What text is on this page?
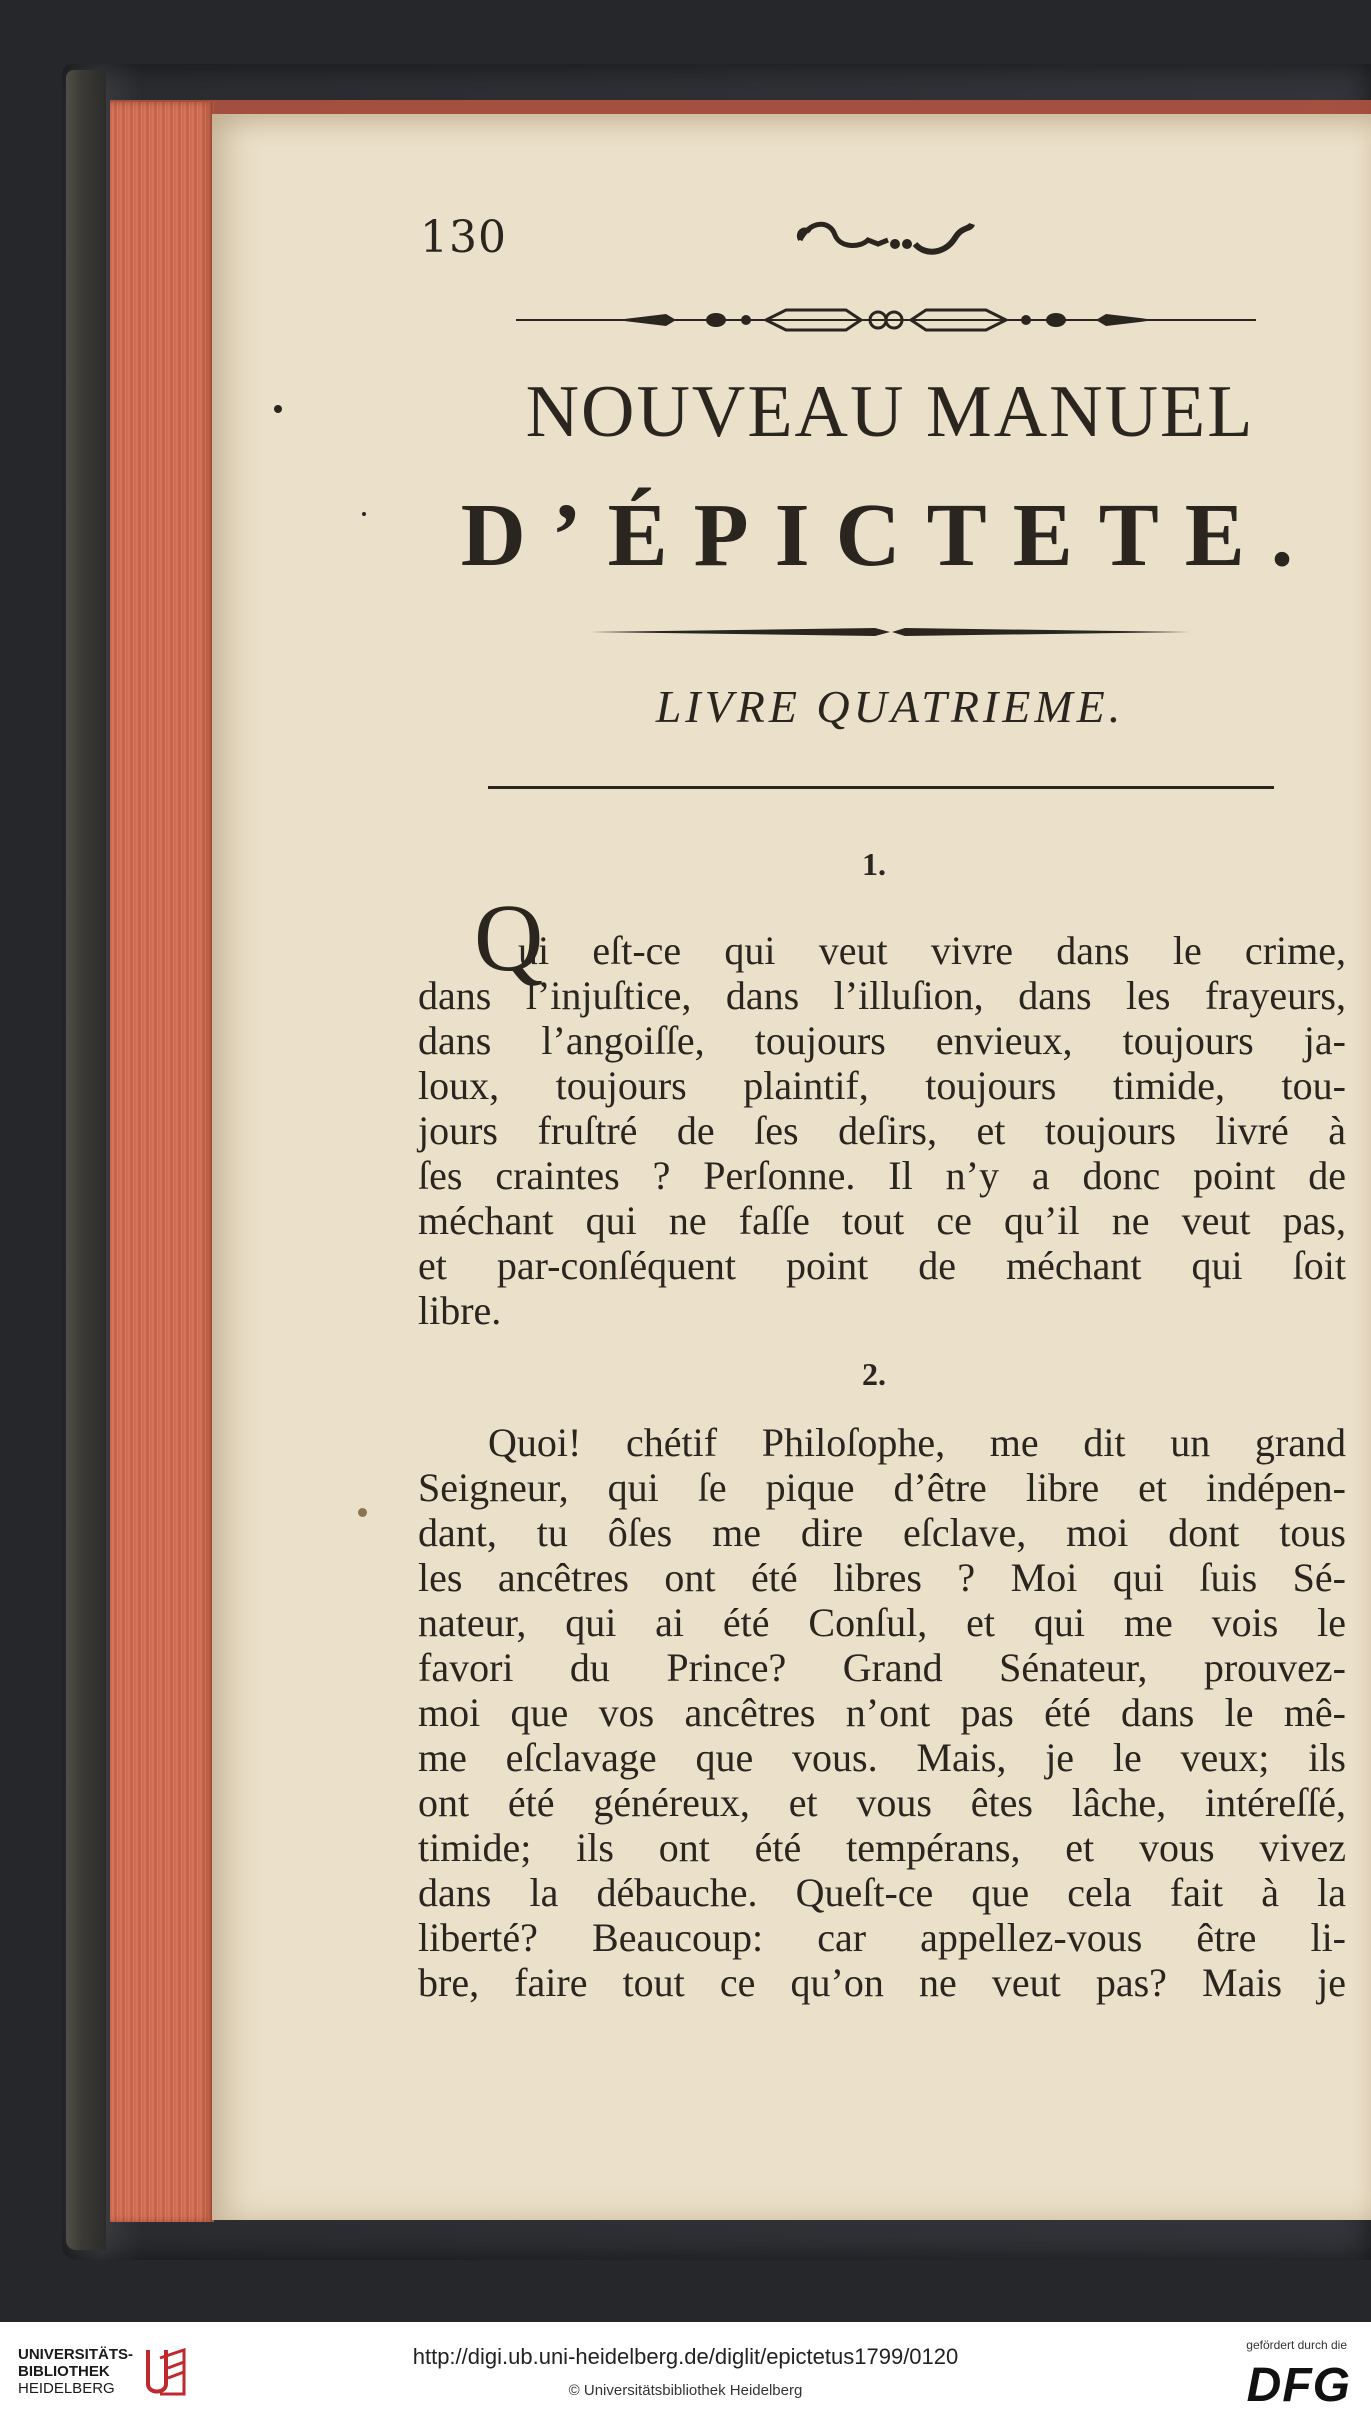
130
NOUVEAU MANUEL
D’ÉPICTETE.
LIVRE QUATRIEME.
1.
Q
ui eſt-ce qui veut vivre dans le crime,
dans l’injuſtice, dans l’illuſion, dans les frayeurs,
dans l’angoiſſe, toujours envieux, toujours ja-
loux, toujours plaintif, toujours timide, tou-
jours fruſtré de ſes deſirs, et toujours livré à
ſes craintes ? Perſonne. Il n’y a donc point de
méchant qui ne faſſe tout ce qu’il ne veut pas,
et par-conſéquent point de méchant qui ſoit
libre.
2.
Quoi! chétif Philoſophe, me dit un grand
Seigneur, qui ſe pique d’être libre et indépen-
dant, tu ôſes me dire eſclave, moi dont tous
les ancêtres ont été libres ? Moi qui ſuis Sé-
nateur, qui ai été Conſul, et qui me vois le
favori du Prince? Grand Sénateur, prouvez-
moi que vos ancêtres n’ont pas été dans le mê-
me eſclavage que vous. Mais, je le veux; ils
ont été généreux, et vous êtes lâche, intéreſſé,
timide; ils ont été tempérans, et vous vivez
dans la débauche. Queſt-ce que cela fait à la
liberté? Beaucoup: car appellez-vous être li-
bre, faire tout ce qu’on ne veut pas? Mais je
UNIVERSITÄTS-
BIBLIOTHEK
HEIDELBERG
http://digi.ub.uni-heidelberg.de/diglit/epictetus1799/0120
© Universitätsbibliothek Heidelberg
gefördert durch die
DFG
